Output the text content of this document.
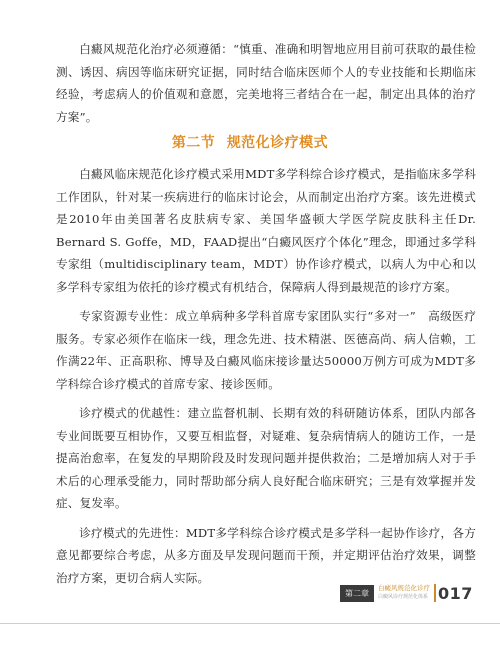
白癜风规范化治疗必须遵循：“慎重、准确和明智地应用目前可获取的最佳检测、诱因、病因等临床研究证据，同时结合临床医师个人的专业技能和长期临床经验，考虑病人的价值观和意愿，完美地将三者结合在一起，制定出具体的治疗方案”。

第二节 规范化诊疗模式

白癜风临床规范化诊疗模式采用MDT多学科综合诊疗模式，是指临床多学科工作团队，针对某一疾病进行的临床讨论会，从而制定出治疗方案。该先进模式是2010年由美国著名皮肤病专家、美国华盛顿大学医学院皮肤科主任Dr. Bernard S. Goffe，MD，FAAD提出“白癜风医疗个体化”理念，即通过多学科专家组（multidisciplinary team，MDT）协作诊疗模式，以病人为中心和以多学科专家组为依托的诊疗模式有机结合，保障病人得到最规范的诊疗方案。

专家资源专业性：成立单病种多学科首席专家团队实行“多对一”　高级医疗服务。专家必须作在临床一线，理念先进、技术精湛、医德高尚、病人信赖，工作满22年、正高职称、博导及白癜风临床接诊量达50000万例方可成为MDT多学科综合诊疗模式的首席专家、接诊医师。

诊疗模式的优越性：建立监督机制、长期有效的科研随访体系，团队内部各专业间既要互相协作，又要互相监督，对疑难、复杂病情病人的随访工作，一是提高治愈率，在复发的早期阶段及时发现问题并提供救治；二是增加病人对于手术后的心理承受能力，同时帮助部分病人良好配合临床研究；三是有效掌握并发症、复发率。

诊疗模式的先进性：MDT多学科综合诊疗模式是多学科一起协作诊疗，各方意见都要综合考虑，从多方面及早发现问题而干预，并定期评估治疗效果，调整治疗方案，更切合病人实际。

第二章
白癜风规范化诊疗
白癜风诊疗规范化体系 017
